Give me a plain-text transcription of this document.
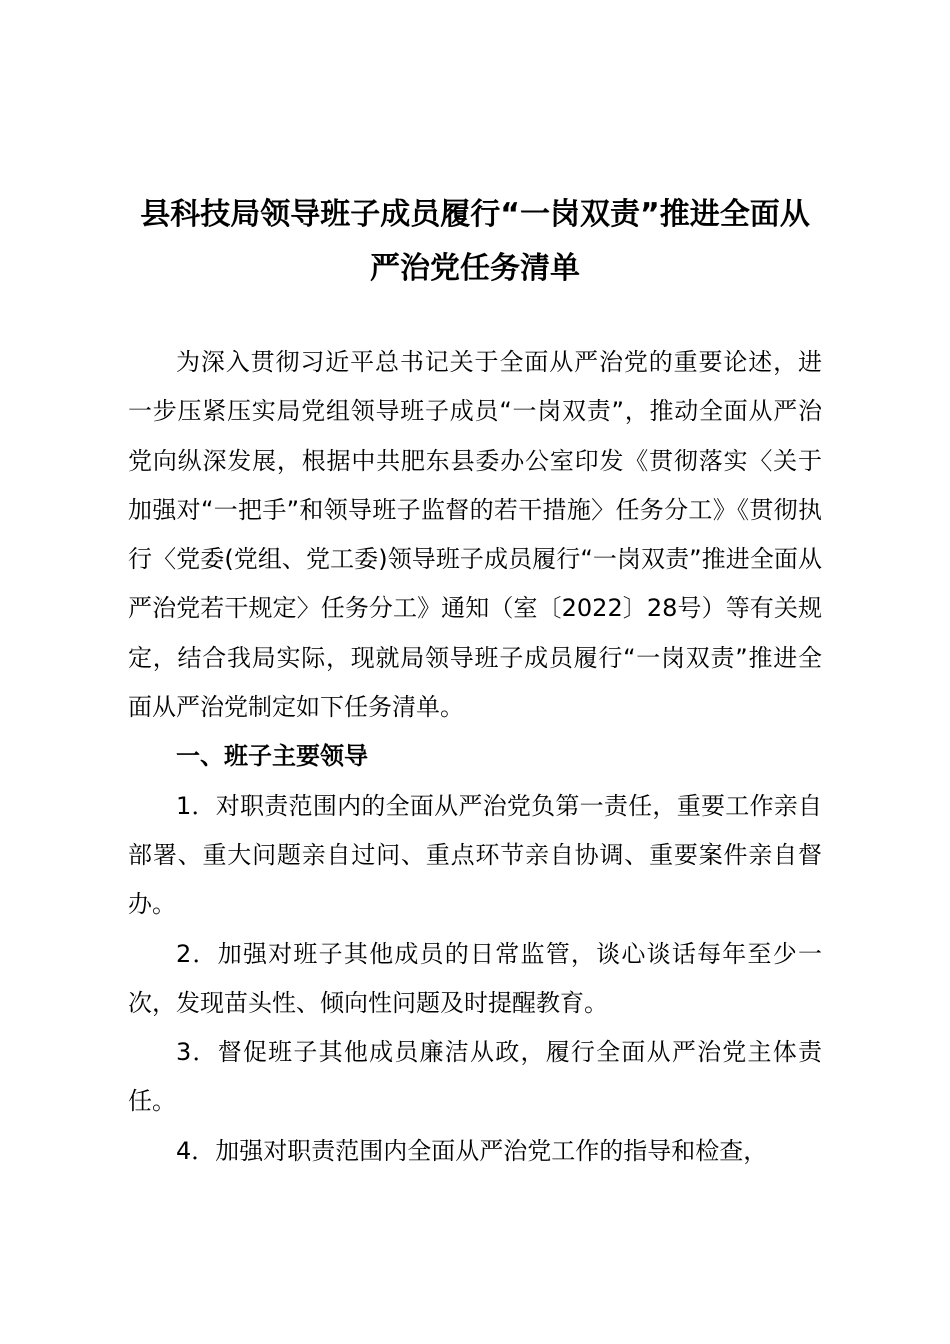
县科技局领导班子成员履行“一岗双责”推进全面从严治党任务清单

为深入贯彻习近平总书记关于全面从严治党的重要论述，进一步压紧压实局党组领导班子成员“一岗双责”，推动全面从严治党向纵深发展，根据中共肥东县委办公室印发《贯彻落实〈关于加强对“一把手”和领导班子监督的若干措施〉任务分工》《贯彻执行〈党委(党组、党工委)领导班子成员履行“一岗双责”推进全面从严治党若干规定〉任务分工》通知（室〔2022〕28号）等有关规定，结合我局实际，现就局领导班子成员履行“一岗双责”推进全面从严治党制定如下任务清单。

一、班子主要领导

1．对职责范围内的全面从严治党负第一责任，重要工作亲自部署、重大问题亲自过问、重点环节亲自协调、重要案件亲自督办。

2．加强对班子其他成员的日常监管，谈心谈话每年至少一次，发现苗头性、倾向性问题及时提醒教育。

3．督促班子其他成员廉洁从政，履行全面从严治党主体责任。

4．加强对职责范围内全面从严治党工作的指导和检查，
